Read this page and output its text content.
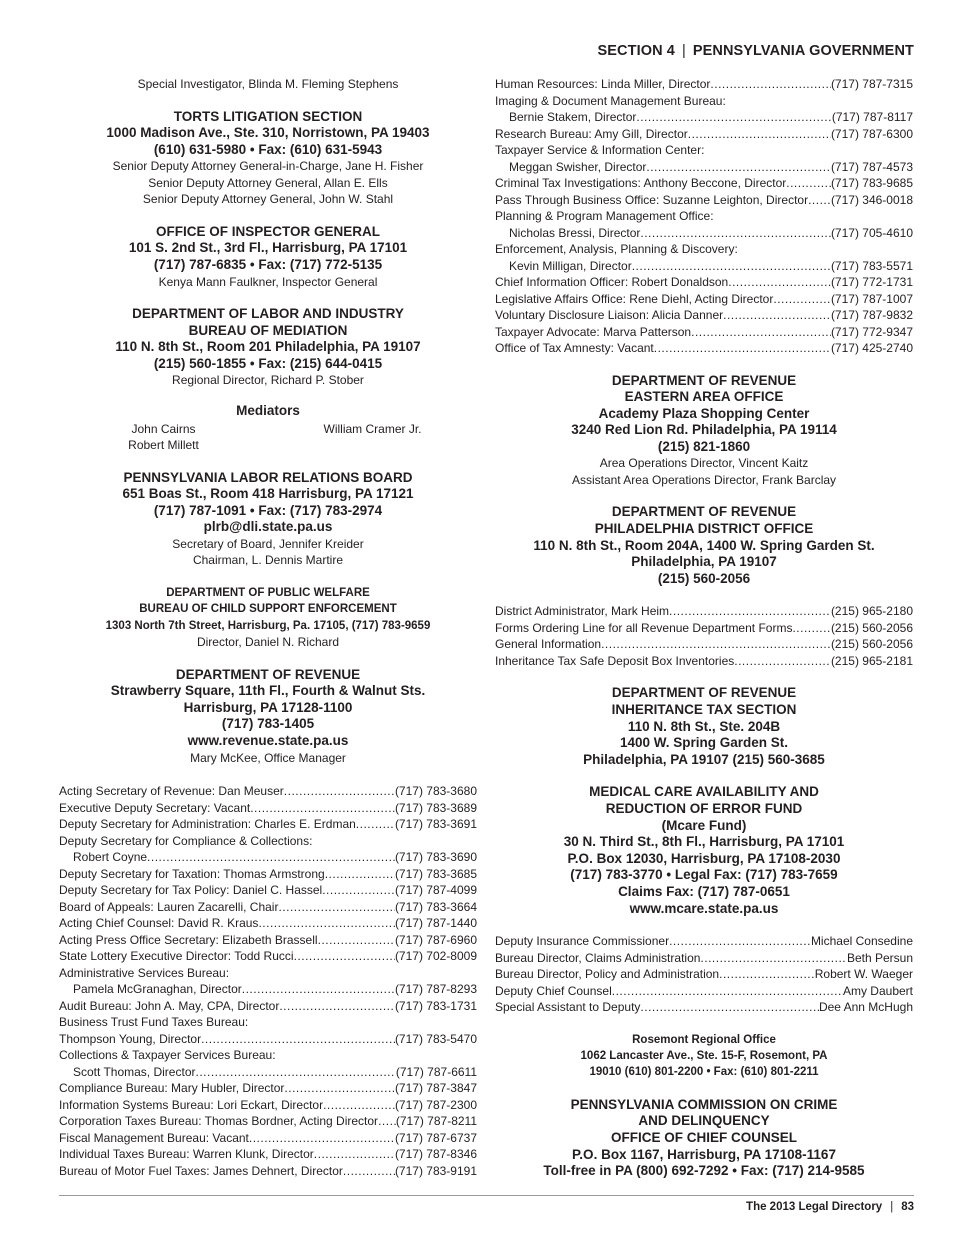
SECTION 4 | PENNSYLVANIA GOVERNMENT
Special Investigator, Blinda M. Fleming Stephens
TORTS LITIGATION SECTION
1000 Madison Ave., Ste. 310, Norristown, PA 19403
(610) 631-5980 • Fax: (610) 631-5943
Senior Deputy Attorney General-in-Charge, Jane H. Fisher
Senior Deputy Attorney General, Allan E. Ells
Senior Deputy Attorney General, John W. Stahl
OFFICE OF INSPECTOR GENERAL
101 S. 2nd St., 3rd Fl., Harrisburg, PA 17101
(717) 787-6835 • Fax: (717) 772-5135
Kenya Mann Faulkner, Inspector General
DEPARTMENT OF LABOR AND INDUSTRY
BUREAU OF MEDIATION
110 N. 8th St., Room 201 Philadelphia, PA 19107
(215) 560-1855 • Fax: (215) 644-0415
Regional Director, Richard P. Stober
Mediators
John Cairns	William Cramer Jr.
Robert Millett
PENNSYLVANIA LABOR RELATIONS BOARD
651 Boas St., Room 418 Harrisburg, PA 17121
(717) 787-1091 • Fax: (717) 783-2974
plrb@dli.state.pa.us
Secretary of Board, Jennifer Kreider
Chairman, L. Dennis Martire
DEPARTMENT OF PUBLIC WELFARE
BUREAU OF CHILD SUPPORT ENFORCEMENT
1303 North 7th Street, Harrisburg, Pa. 17105, (717) 783-9659
Director, Daniel N. Richard
DEPARTMENT OF REVENUE
Strawberry Square, 11th Fl., Fourth & Walnut Sts.
Harrisburg, PA 17128-1100
(717) 783-1405
www.revenue.state.pa.us
Mary McKee, Office Manager
Acting Secretary of Revenue: Dan Meuser .....	(717) 783-3680
Executive Deputy Secretary: Vacant .....	(717) 783-3689
Deputy Secretary for Administration: Charles E. Erdman .....	(717) 783-3691
Deputy Secretary for Compliance & Collections:
Robert Coyne .....	(717) 783-3690
Deputy Secretary for Taxation: Thomas Armstrong .....	(717) 783-3685
Deputy Secretary for Tax Policy: Daniel C. Hassel .....	(717) 787-4099
Board of Appeals: Lauren Zacarelli, Chair .....	(717) 783-3664
Acting Chief Counsel: David R. Kraus .....	(717) 787-1440
Acting Press Office Secretary: Elizabeth Brassell .....	(717) 787-6960
State Lottery Executive Director: Todd Rucci .....	(717) 702-8009
Administrative Services Bureau:
Pamela McGranaghan, Director .....	(717) 787-8293
Audit Bureau: John A. May, CPA, Director .....	(717) 783-1731
Business Trust Fund Taxes Bureau:
Thompson Young, Director .....	(717) 783-5470
Collections & Taxpayer Services Bureau:
Scott Thomas, Director .....	(717) 787-6611
Compliance Bureau: Mary Hubler, Director .....	(717) 787-3847
Information Systems Bureau: Lori Eckart, Director .....	(717) 787-2300
Corporation Taxes Bureau: Thomas Bordner, Acting Director ..... (717) 787-8211
Fiscal Management Bureau: Vacant .....	(717) 787-6737
Individual Taxes Bureau: Warren Klunk, Director .....	(717) 787-8346
Bureau of Motor Fuel Taxes: James Dehnert, Director .....	(717) 783-9191
Human Resources: Linda Miller, Director .....	(717) 787-7315
Imaging & Document Management Bureau:
Bernie Stakem, Director .....	(717) 787-8117
Research Bureau: Amy Gill, Director .....	(717) 787-6300
Taxpayer Service & Information Center:
Meggan Swisher, Director .....	(717) 787-4573
Criminal Tax Investigations: Anthony Beccone, Director .....	(717) 783-9685
Pass Through Business Office: Suzanne Leighton, Director ..... (717) 346-0018
Planning & Program Management Office:
Nicholas Bressi, Director .....	(717) 705-4610
Enforcement, Analysis, Planning & Discovery:
Kevin Milligan, Director .....	(717) 783-5571
Chief Information Officer: Robert Donaldson .....	(717) 772-1731
Legislative Affairs Office: Rene Diehl, Acting Director .....	(717) 787-1007
Voluntary Disclosure Liaison: Alicia Danner .....	(717) 787-9832
Taxpayer Advocate: Marva Patterson .....	(717) 772-9347
Office of Tax Amnesty: Vacant .....	(717) 425-2740
DEPARTMENT OF REVENUE
EASTERN AREA OFFICE
Academy Plaza Shopping Center
3240 Red Lion Rd. Philadelphia, PA 19114
(215) 821-1860
Area Operations Director, Vincent Kaitz
Assistant Area Operations Director, Frank Barclay
DEPARTMENT OF REVENUE
PHILADELPHIA DISTRICT OFFICE
110 N. 8th St., Room 204A, 1400 W. Spring Garden St.
Philadelphia, PA 19107
(215) 560-2056
District Administrator, Mark Heim .....	(215) 965-2180
Forms Ordering Line for all Revenue Department Forms .....	(215) 560-2056
General Information .....	(215) 560-2056
Inheritance Tax Safe Deposit Box Inventories .....	(215) 965-2181
DEPARTMENT OF REVENUE
INHERITANCE TAX SECTION
110 N. 8th St., Ste. 204B
1400 W. Spring Garden St.
Philadelphia, PA 19107 (215) 560-3685
MEDICAL CARE AVAILABILITY AND
REDUCTION OF ERROR FUND
(Mcare Fund)
30 N. Third St., 8th Fl., Harrisburg, PA 17101
P.O. Box 12030, Harrisburg, PA 17108-2030
(717) 783-3770 • Legal Fax: (717) 783-7659
Claims Fax: (717) 787-0651
www.mcare.state.pa.us
Deputy Insurance Commissioner .....	Michael Consedine
Bureau Director, Claims Administration .....	Beth Persun
Bureau Director, Policy and Administration .....	Robert W. Waeger
Deputy Chief Counsel .....	Amy Daubert
Special Assistant to Deputy .....	Dee Ann McHugh
Rosemont Regional Office
1062 Lancaster Ave., Ste. 15-F, Rosemont, PA
19010 (610) 801-2200 • Fax: (610) 801-2211
PENNSYLVANIA COMMISSION ON CRIME
AND DELINQUENCY
OFFICE OF CHIEF COUNSEL
P.O. Box 1167, Harrisburg, PA 17108-1167
Toll-free in PA (800) 692-7292 • Fax: (717) 214-9585
The 2013 Legal Directory | 83
